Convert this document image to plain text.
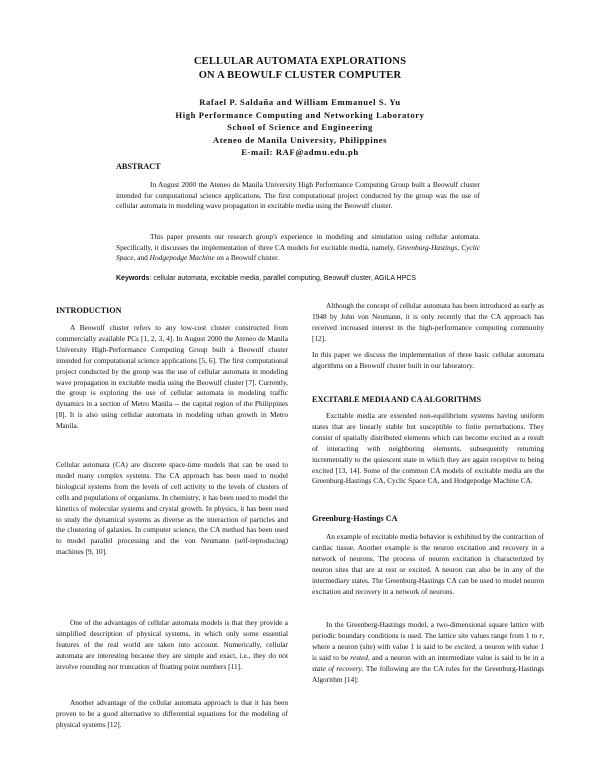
CELLULAR AUTOMATA EXPLORATIONS
ON A BEOWULF CLUSTER COMPUTER
Rafael P. Saldaña and William Emmanuel S. Yu
High Performance Computing and Networking Laboratory
School of Science and Engineering
Ateneo de Manila University, Philippines
E-mail: RAF@admu.edu.ph
ABSTRACT

In August 2000 the Ateneo de Manila University High Performance Computing Group built a Beowulf cluster intended for computational science applications. The first computational project conducted by the group was the use of cellular automata in modeling wave propagation in excitable media using the Beowulf cluster.

This paper presents our research group's experience in modeling and simulation using cellular automata. Specifically, it discusses the implementation of three CA models for excitable media, namely, Greenburg-Hastings, Cyclic Space, and Hodgepodge Machine on a Beowulf cluster.

Keywords: cellular automata, excitable media, parallel computing, Beowulf cluster, AGILA HPCS
INTRODUCTION

A Beowulf cluster refers to any low-cost cluster constructed from commercially available PCs [1, 2, 3, 4]. In August 2000 the Ateneo de Manila University High-Performance Computing Group built a Beowulf cluster intended for computational science applications [5, 6]. The first computational project conducted by the group was the use of cellular automata in modeling wave propagation in excitable media using the Beowulf cluster [7]. Currently, the group is exploring the use of cellular automata in modeling traffic dynamics in a section of Metro Manila -- the capital region of the Philippines [8]. It is also using cellular automata in modeling urban growth in Metro Manila.

Cellular automata (CA) are discrete space-time models that can be used to model many complex systems. The CA approach has been used to model biological systems from the levels of cell activity to the levels of clusters of cells and populations of organisms. In chemistry, it has been used to model the kinetics of molecular systems and crystal growth. In physics, it has been used to study the dynamical systems as diverse as the interaction of particles and the clustering of galaxies. In computer science, the CA method has been used to model parallel processing and the von Neumann (self-reproducing) machines [9, 10].

One of the advantages of cellular automata models is that they provide a simplified description of physical systems, in which only some essential features of the real world are taken into account. Numerically, cellular automata are interesting because they are simple and exact, i.e., they do not involve rounding nor truncation of floating point numbers [11].

Another advantage of the cellular automata approach is that it has been proven to be a good alternative to differential equations for the modeling of physical systems [12].

Although the concept of cellular automata has been introduced as early as 1948 by John von Neumann, it is only recently that the CA approach has received increased interest in the high-performance computing community [12].

In this paper we discuss the implementation of three basic cellular automata algorithms on a Beowulf cluster built in our laboratory.

EXCITABLE MEDIA AND CA ALGORITHMS

Excitable media are extended non-equilibrium systems having uniform states that are linearly stable but susceptible to finite perturbations. They consist of spatially distributed elements which can become excited as a result of interacting with neighboring elements, subsequently returning incrementally to the quiescent state in which they are again receptive to being excited [13, 14]. Some of the common CA models of excitable media are the Greenburg-Hastings CA, Cyclic Space CA, and Hodgepodge Machine CA.

Greenburg-Hastings CA

An example of excitable media behavior is exhibited by the contraction of cardiac tissue. Another example is the neuron excitation and recovery in a network of neurons. The process of neuron excitation is characterized by neuron sites that are at rest or excited. A neuron can also be in any of the intermediary states. The Greenburg-Hastings CA can be used to model neuron excitation and recovery in a network of neurons.

In the Greenberg-Hastings model, a two-dimensional square lattice with periodic boundary conditions is used. The lattice site values range from 1 to r, where a neuron (site) with value 1 is said to be excited, a neuron with value 1 is said to be rested, and a neuron with an intermediate value is said to be in a state of recovery. The following are the CA rules for the Greenburg-Hastings Algorithm [14]:
